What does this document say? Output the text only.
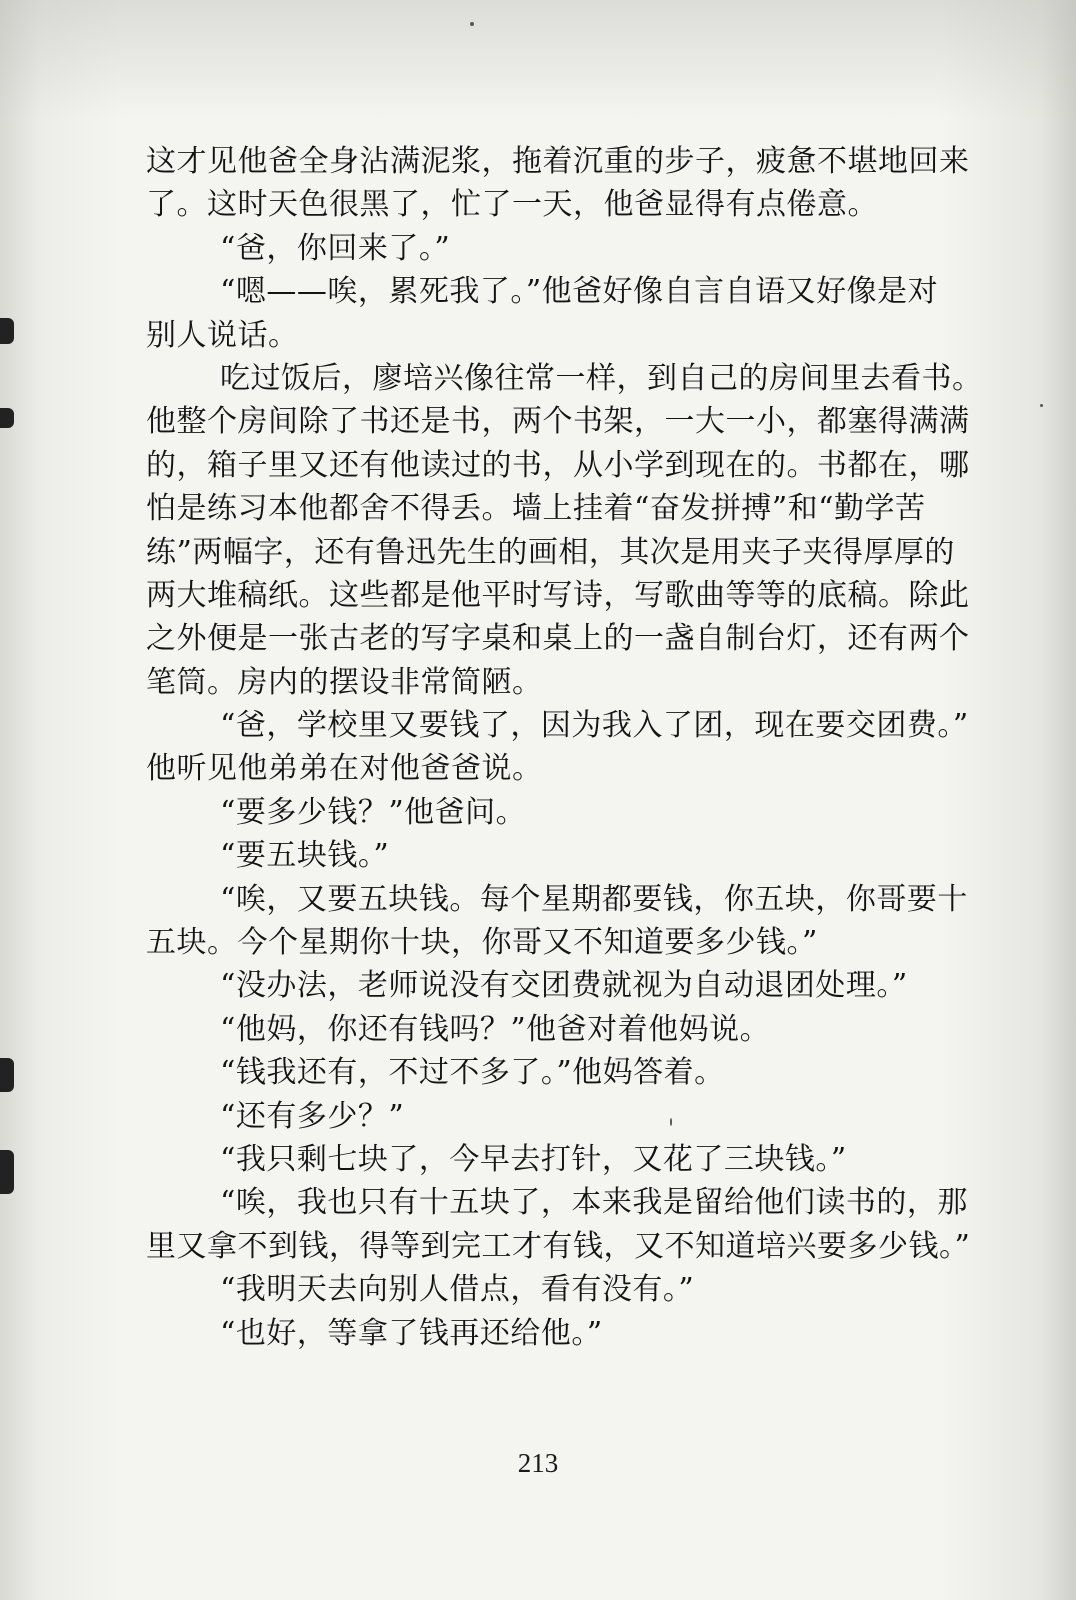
这才见他爸全身沾满泥浆，拖着沉重的步子，疲惫不堪地回来
了。这时天色很黑了，忙了一天，他爸显得有点倦意。
“爸，你回来了。”
“嗯——唉，累死我了。”他爸好像自言自语又好像是对
别人说话。
吃过饭后，廖培兴像往常一样，到自己的房间里去看书。
他整个房间除了书还是书，两个书架，一大一小，都塞得满满
的，箱子里又还有他读过的书，从小学到现在的。书都在，哪
怕是练习本他都舍不得丢。墙上挂着“奋发拼搏”和“勤学苦
练”两幅字，还有鲁迅先生的画相，其次是用夹子夹得厚厚的
两大堆稿纸。这些都是他平时写诗，写歌曲等等的底稿。除此
之外便是一张古老的写字桌和桌上的一盏自制台灯，还有两个
笔筒。房内的摆设非常简陋。
“爸，学校里又要钱了，因为我入了团，现在要交团费。”
他听见他弟弟在对他爸爸说。
“要多少钱？”他爸问。
“要五块钱。”
“唉，又要五块钱。每个星期都要钱，你五块，你哥要十
五块。今个星期你十块，你哥又不知道要多少钱。”
“没办法，老师说没有交团费就视为自动退团处理。”
“他妈，你还有钱吗？”他爸对着他妈说。
“钱我还有，不过不多了。”他妈答着。
“还有多少？”
“我只剩七块了，今早去打针，又花了三块钱。”
“唉，我也只有十五块了，本来我是留给他们读书的，那
里又拿不到钱，得等到完工才有钱，又不知道培兴要多少钱。”
“我明天去向别人借点，看有没有。”
“也好，等拿了钱再还给他。”
213
